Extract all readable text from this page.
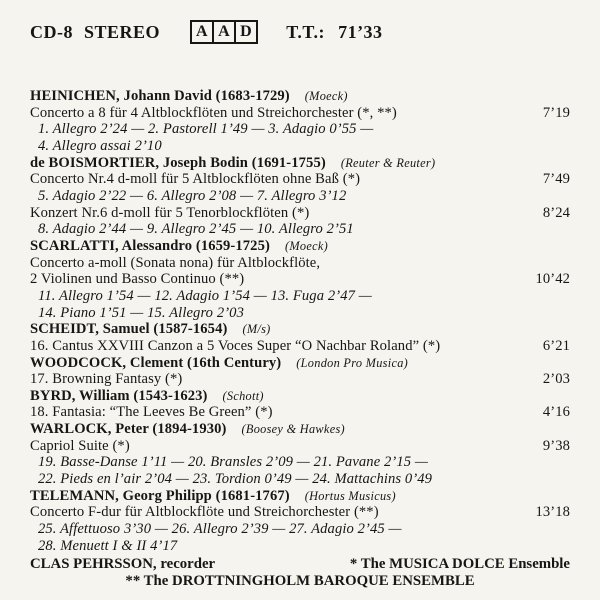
CD-8 STEREO A A D T.T.: 71’33
HEINICHEN, Johann David (1683-1729) (Moeck)
Concerto a 8 für 4 Altblockflöten und Streichorchester (*, **)	7’19
1. Allegro 2’24 — 2. Pastorell 1’49 — 3. Adagio 0’55 —
4. Allegro assai 2’10
de BOISMORTIER, Joseph Bodin (1691-1755) (Reuter & Reuter)
Concerto Nr.4 d-moll für 5 Altblockflöten ohne Baß (*)	7’49
5. Adagio 2’22 — 6. Allegro 2’08 — 7. Allegro 3’12
Konzert Nr.6 d-moll für 5 Tenorblockflöten (*)	8’24
8. Adagio 2’44 — 9. Allegro 2’45 — 10. Allegro 2’51
SCARLATTI, Alessandro (1659-1725) (Moeck)
Concerto a-moll (Sonata nona) für Altblockflöte,
2 Violinen und Basso Continuo (**)	10’42
11. Allegro 1’54 — 12. Adagio 1’54 — 13. Fuga 2’47 —
14. Piano 1’51 — 15. Allegro 2’03
SCHEIDT, Samuel (1587-1654) (M/s)
16. Cantus XXVIII Canzon a 5 Voces Super “O Nachbar Roland” (*)	6’21
WOODCOCK, Clement (16th Century) (London Pro Musica)
17. Browning Fantasy (*)	2’03
BYRD, William (1543-1623) (Schott)
18. Fantasia: “The Leeves Be Green” (*)	4’16
WARLOCK, Peter (1894-1930) (Boosey & Hawkes)
Capriol Suite (*)	9’38
19. Basse-Danse 1’11 — 20. Bransles 2’09 — 21. Pavane 2’15 —
22. Pieds en l’air 2’04 — 23. Tordion 0’49 — 24. Mattachins 0’49
TELEMANN, Georg Philipp (1681-1767) (Hortus Musicus)
Concerto F-dur für Altblockflöte und Streichorchester (**)	13’18
25. Affettuoso 3’30 — 26. Allegro 2’39 — 27. Adagio 2’45 —
28. Menuett I & II 4’17
CLAS PEHRSSON, recorder	* The MUSICA DOLCE Ensemble
** The DROTTNINGHOLM BAROQUE ENSEMBLE
